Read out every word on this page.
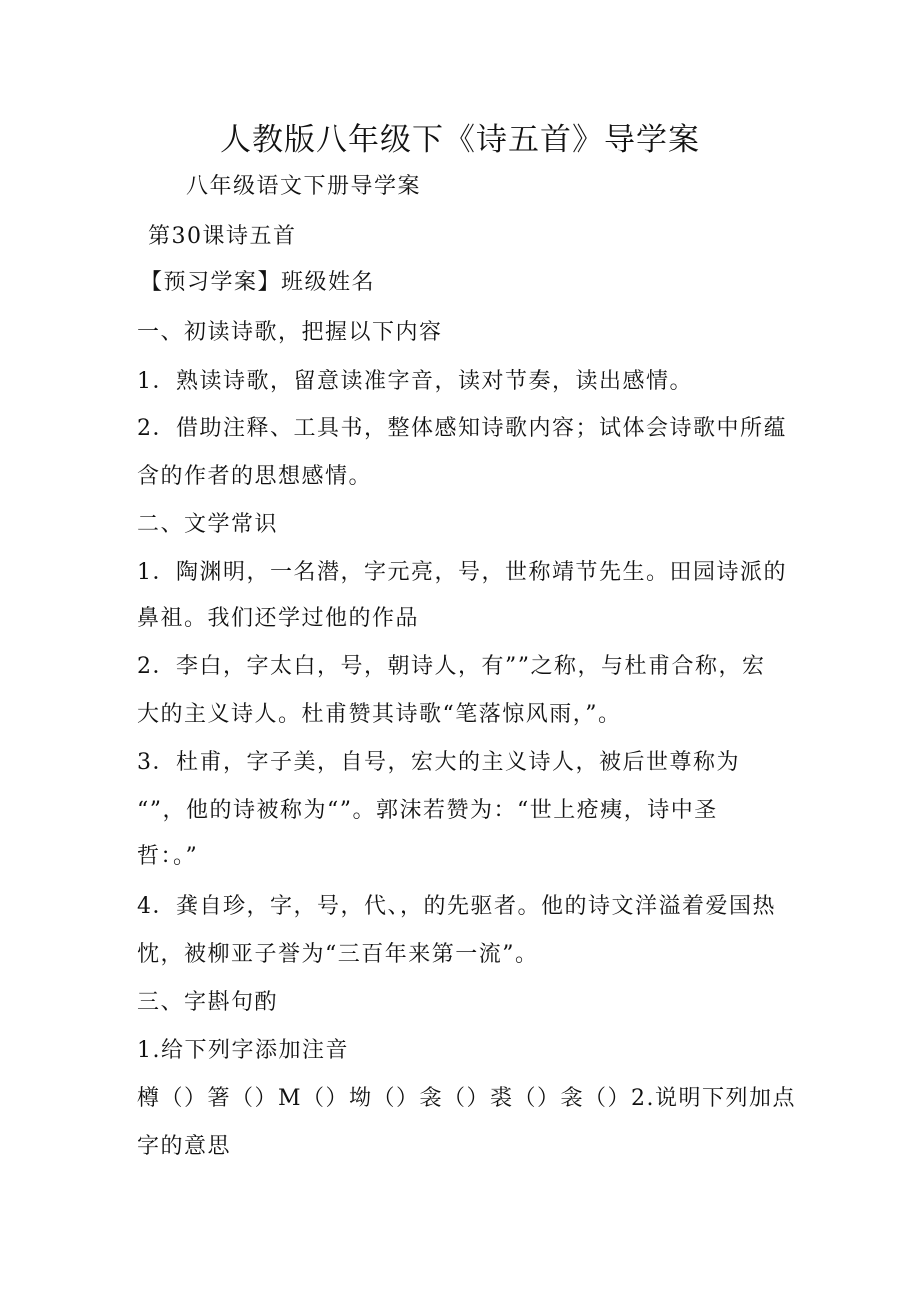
人教版八年级下《诗五首》导学案

八年级语文下册导学案

第30课诗五首

【预习学案】班级姓名

一、初读诗歌，把握以下内容

1．熟读诗歌，留意读准字音，读对节奏，读出感情。

2．借助注释、工具书，整体感知诗歌内容；试体会诗歌中所蕴

含的作者的思想感情。

二、文学常识

1．陶渊明，一名潜，字元亮，号，世称靖节先生。田园诗派的

鼻祖。我们还学过他的作品

2．李白，字太白，号，朝诗人，有””之称，与杜甫合称，宏

大的主义诗人。杜甫赞其诗歌“笔落惊风雨，”。

3．杜甫，字子美，自号，宏大的主义诗人，被后世尊称为

“”，他的诗被称为“”。郭沫若赞为：“世上疮痍，诗中圣

哲：。”

4．龚自珍，字，号，代、，的先驱者。他的诗文洋溢着爱国热

忱，被柳亚子誉为“三百年来第一流”。

三、字斟句酌

1.给下列字添加注音

樽（）箸（）M（）坳（）衾（）裘（）衾（）2.说明下列加点

字的意思
